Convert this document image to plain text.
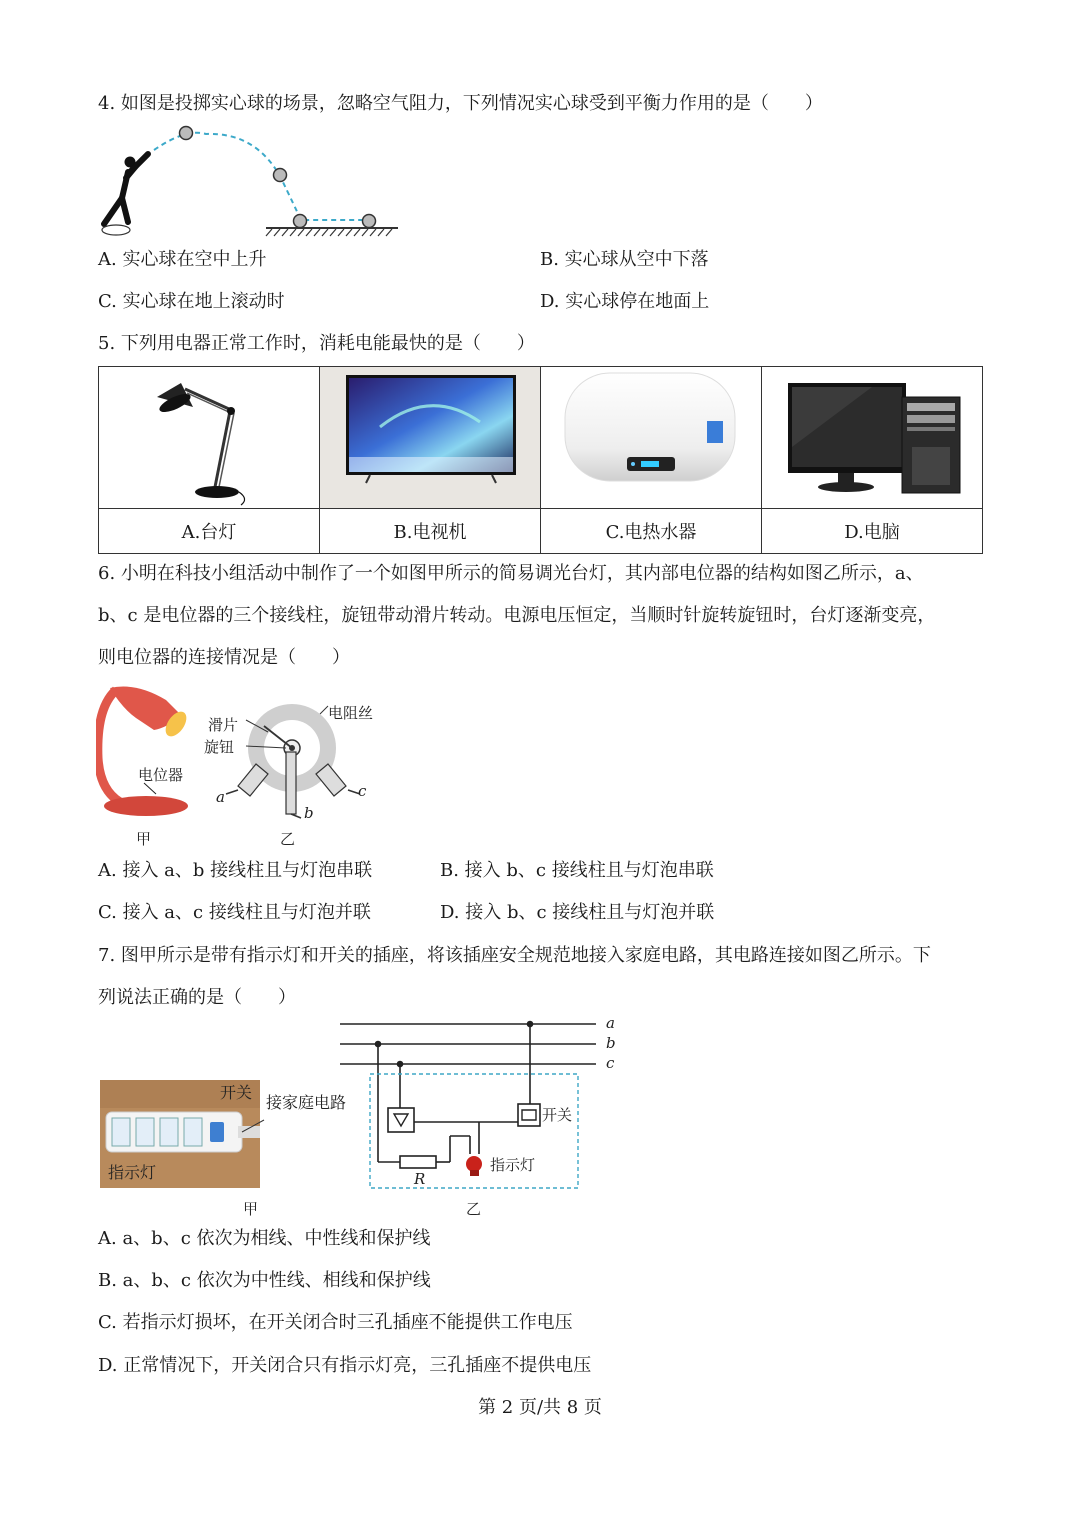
4. 如图是投掷实心球的场景，忽略空气阻力，下列情况实心球受到平衡力作用的是（　　）
A. 实心球在空中上升	B. 实心球从空中下落
C. 实心球在地上滚动时	D. 实心球停在地面上
5. 下列用电器正常工作时，消耗电能最快的是（　　）

A.台灯	B.电视机	C.电热水器	D.电脑
6. 小明在科技小组活动中制作了一个如图甲所示的简易调光台灯，其内部电位器的结构如图乙所示，a、
b、c 是电位器的三个接线柱，旋钮带动滑片转动。电源电压恒定，当顺时针旋转旋钮时，台灯逐渐变亮，
则电位器的连接情况是（　　）
电位器
甲
滑片
旋钮
电阻丝
a
b
c
乙
A. 接入 a、b 接线柱且与灯泡串联	B. 接入 b、c 接线柱且与灯泡串联
C. 接入 a、c 接线柱且与灯泡并联	D. 接入 b、c 接线柱且与灯泡并联
7. 图甲所示是带有指示灯和开关的插座，将该插座安全规范地接入家庭电路，其电路连接如图乙所示。下
列说法正确的是（　　）
开关
指示灯
接家庭电路
甲
a
b
c
开关
R
指示灯
乙
A. a、b、c 依次为相线、中性线和保护线
B. a、b、c 依次为中性线、相线和保护线
C. 若指示灯损坏，在开关闭合时三孔插座不能提供工作电压
D. 正常情况下，开关闭合只有指示灯亮，三孔插座不提供电压
第 2 页/共 8 页
